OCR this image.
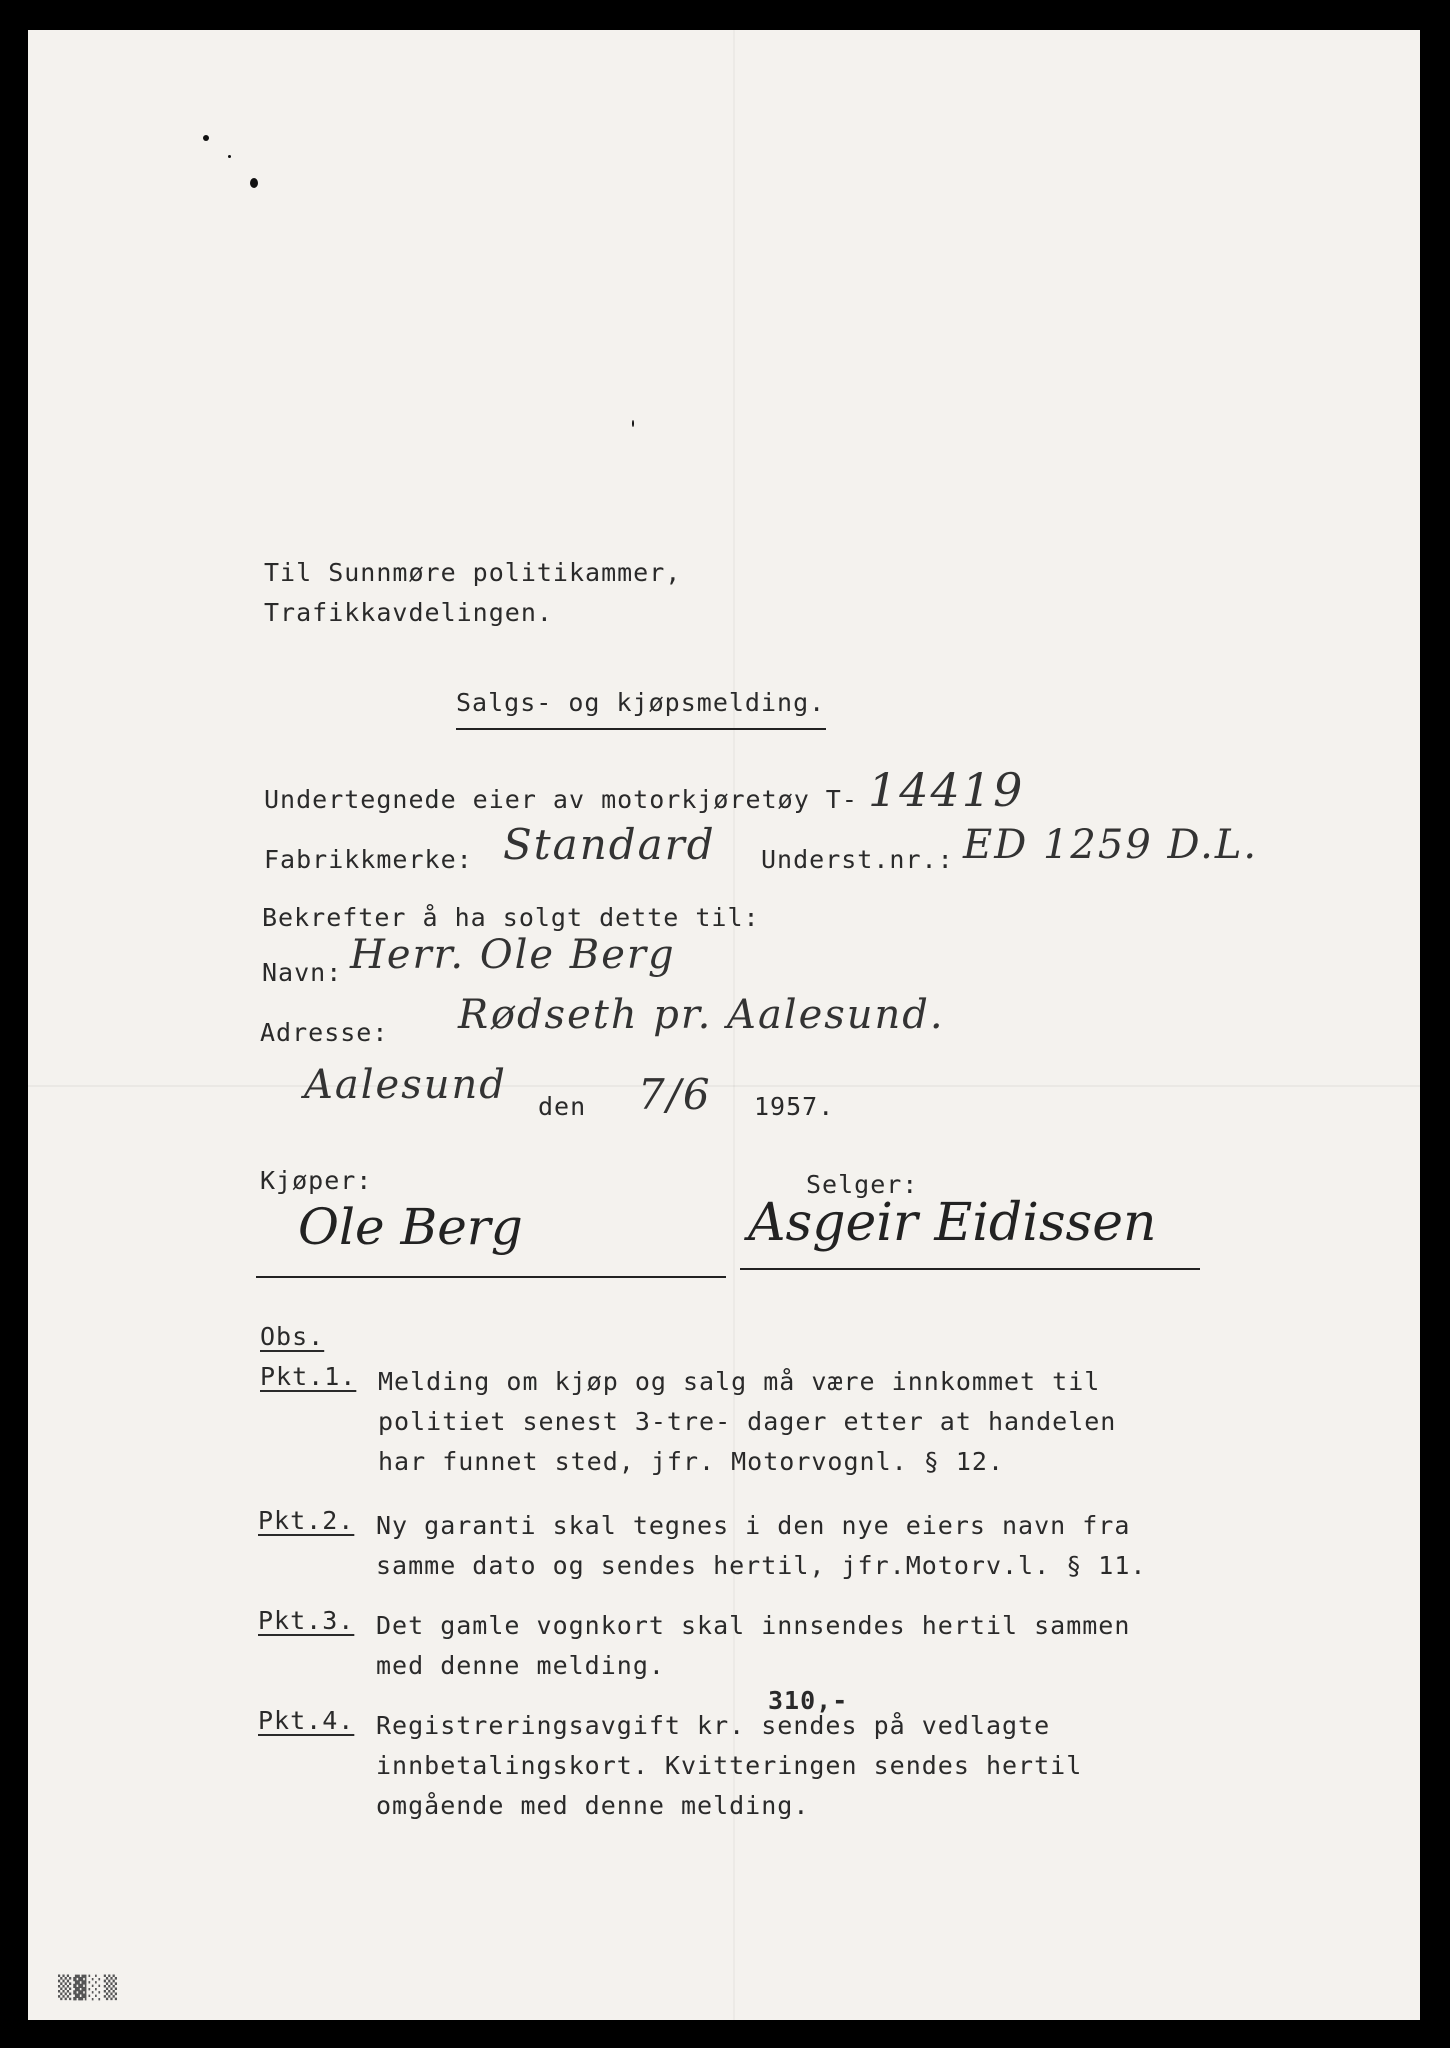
Til Sunnmøre politikammer,
Trafikkavdelingen.
Salgs- og kjøpsmelding.
Undertegnede eier av motorkjøretøy T- 14419
Fabrikkmerke: Standard Underst.nr.: ED 1259 D.L.
Bekrefter å ha solgt dette til:
Navn: Herr. Ole Berg
Adresse: Rødseth pr. Aalesund.
Aalesund den 7/6 1957.
Kjøper:	Selger:
Ole Berg	Asgeir Eidissen
Obs.
Pkt.1. Melding om kjøp og salg må være innkommet til
politiet senest 3-tre- dager etter at handelen
har funnet sted, jfr. Motorvognl. § 12.
Pkt.2. Ny garanti skal tegnes i den nye eiers navn fra
samme dato og sendes hertil, jfr.Motorv.l. § 11.
Pkt.3. Det gamle vognkort skal innsendes hertil sammen
med denne melding.
Pkt.4. Registreringsavgift kr. sendes på vedlagte
innbetalingskort. Kvitteringen sendes hertil
omgående med denne melding.
310,-
▒▓░▒
